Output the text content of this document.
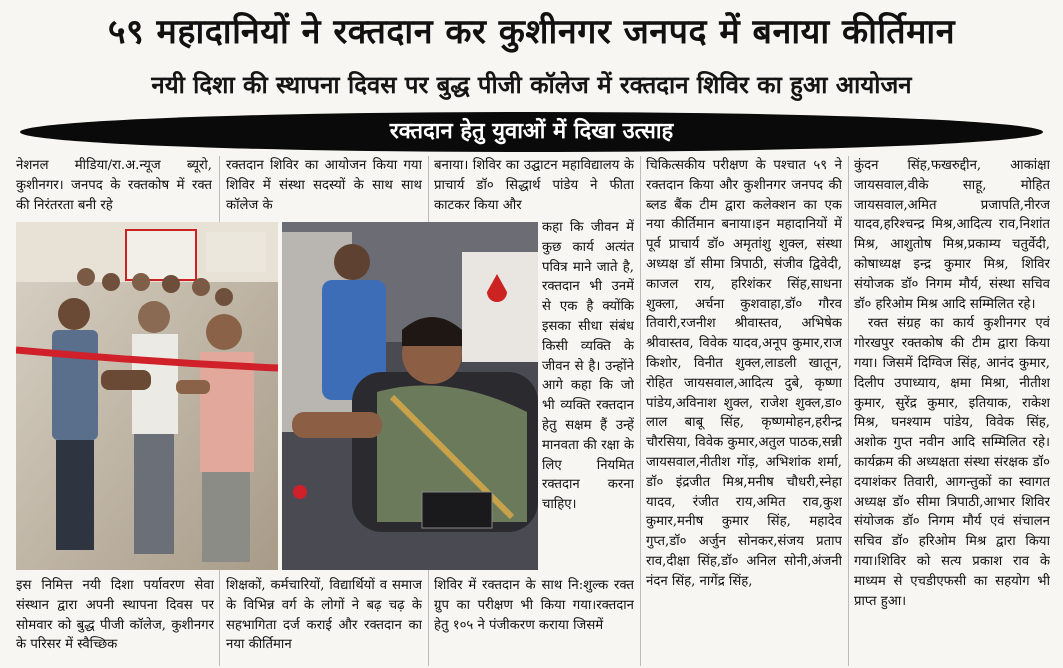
५९ महादानियों ने रक्तदान कर कुशीनगर जनपद में बनाया कीर्तिमान
नयी दिशा की स्थापना दिवस पर बुद्ध पीजी कॉलेज में रक्तदान शिविर का हुआ आयोजन
रक्तदान हेतु युवाओं में दिखा उत्साह
नेशनल मीडिया/रा.अ.न्यूज ब्यूरो, कुशीनगर। जनपद के रक्तकोष में रक्त की निरंतरता बनी रहे
रक्तदान शिविर का आयोजन किया गया शिविर में संस्था सदस्यों के साथ साथ कॉलेज के
बनाया। शिविर का उद्घाटन महाविद्यालय के प्राचार्य डॉ० सिद्धार्थ पांडेय ने फीता काटकर किया और
कहा कि जीवन में कुछ कार्य अत्यंत पवित्र माने जाते है, रक्तदान भी उनमें से एक है क्योंकि इसका सीधा संबंध किसी व्यक्ति के जीवन से है। उन्होंने आगे कहा कि जो भी व्यक्ति रक्तदान हेतु सक्षम हैं उन्हें मानवता की रक्षा के लिए नियमित रक्तदान करना चाहिए।
इस निमित्त नयी दिशा पर्यावरण सेवा संस्थान द्वारा अपनी स्थापना दिवस पर सोमवार को बुद्ध पीजी कॉलेज, कुशीनगर के परिसर में स्वैच्छिक
शिक्षकों, कर्मचारियों, विद्यार्थियों व समाज के विभिन्न वर्ग के लोगों ने बढ़ चढ़ के सहभागिता दर्ज कराई और रक्तदान का नया कीर्तिमान
शिविर में रक्तदान के साथ नि:शुल्क रक्त ग्रुप का परीक्षण भी किया गया।रक्तदान हेतु १०५ ने पंजीकरण कराया जिसमें
चिकित्सकीय परीक्षण के पश्चात ५९ ने रक्तदान किया और कुशीनगर जनपद की ब्लड बैंक टीम द्वारा कलेक्शन का एक नया कीर्तिमान बनाया।इन महादानियों में पूर्व प्राचार्य डॉ० अमृतांशु शुक्ल, संस्था अध्यक्ष डॉ सीमा त्रिपाठी, संजीव द्विवेदी, काजल राय, हरिशंकर सिंह,साधना शुक्ला, अर्चना कुशवाहा,डॉ० गौरव तिवारी,रजनीश श्रीवास्तव, अभिषेक श्रीवास्तव, विवेक यादव,अनूप कुमार,राज किशोर, विनीत शुक्ल,लाडली खातून, रोहित जायसवाल,आदित्य दुबे, कृष्णा पांडेय,अविनाश शुक्ल, राजेश शुक्ल,डा० लाल बाबू सिंह, कृष्णमोहन,हरीन्द्र चौरसिया, विवेक कुमार,अतुल पाठक,सन्नी जायसवाल,नीतीश गोंड़, अभिशांक शर्मा, डॉ० इंद्रजीत मिश्र,मनीष चौधरी,स्नेहा यादव, रंजीत राय,अमित राव,कुश कुमार,मनीष कुमार सिंह, महादेव गुप्त,डॉ० अर्जुन सोनकर,संजय प्रताप राव,दीक्षा सिंह,डॉ० अनिल सोनी,अंजनी नंदन सिंह, नागेंद्र सिंह,

कुंदन सिंह,फखरुद्दीन, आकांक्षा जायसवाल,वीके साहू, मोहित जायसवाल,अमित प्रजापति,नीरज यादव,हरिश्चन्द्र मिश्र,आदित्य राव,निशांत मिश्र, आशुतोष मिश्र,प्रकाम्य चतुर्वेदी, कोषाध्यक्ष इन्द्र कुमार मिश्र, शिविर संयोजक डॉ० निगम मौर्य, संस्था सचिव डॉ० हरिओम मिश्र आदि सम्मिलित रहे।

रक्त संग्रह का कार्य कुशीनगर एवं गोरखपुर रक्तकोष की टीम द्वारा किया गया। जिसमें दिग्विज सिंह, आनंद कुमार, दिलीप उपाध्याय, क्षमा मिश्रा, नीतीश कुमार, सुरेंद्र कुमार, इतियाक, राकेश मिश्र, घनश्याम पांडेय, विवेक सिंह, अशोक गुप्त नवीन आदि सम्मिलित रहे।कार्यक्रम की अध्यक्षता संस्था संरक्षक डॉ० दयाशंकर तिवारी, आगन्तुकों का स्वागत अध्यक्ष डॉ० सीमा त्रिपाठी,आभार शिविर संयोजक डॉ० निगम मौर्य एवं संचालन सचिव डॉ० हरिओम मिश्र द्वारा किया गया।शिविर को सत्य प्रकाश राव के माध्यम से एचडीएफसी का सहयोग भी प्राप्त हुआ।
